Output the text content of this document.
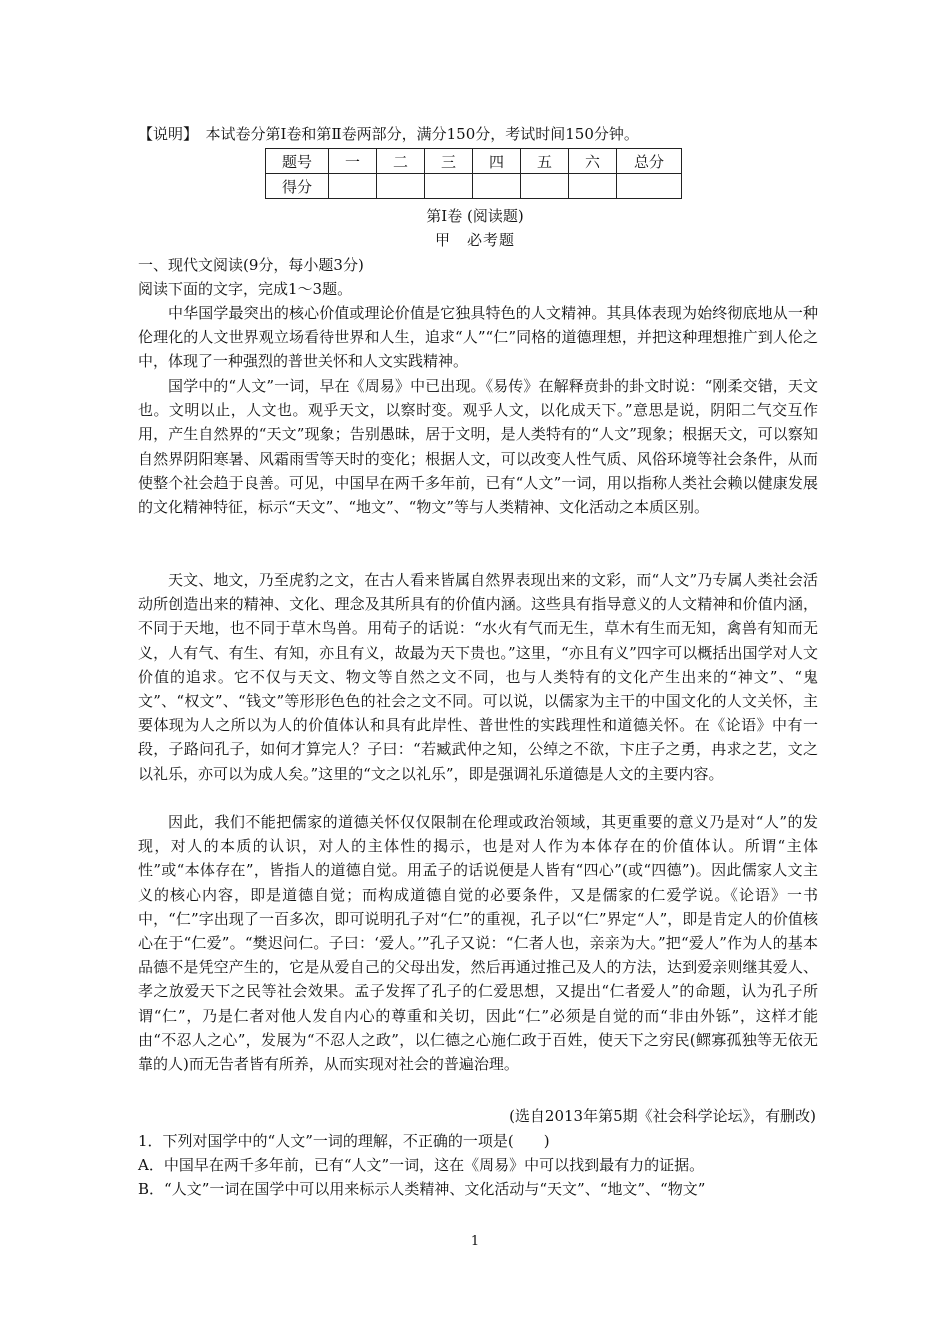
【说明】　本试卷分第Ⅰ卷和第Ⅱ卷两部分，满分150分，考试时间150分钟。
题号	一	二	三	四	五	六	总分
得分							
第Ⅰ卷 (阅读题)
甲　必考题

一、现代文阅读(9分，每小题3分)

阅读下面的文字，完成1～3题。

中华国学最突出的核心价值或理论价值是它独具特色的人文精神。其具体表现为始终彻底地从一种伦理化的人文世界观立场看待世界和人生，追求“人”“仁”同格的道德理想，并把这种理想推广到人伦之中，体现了一种强烈的普世关怀和人文实践精神。

国学中的“人文”一词，早在《周易》中已出现。《易传》在解释贲卦的卦文时说：“刚柔交错，天文也。文明以止，人文也。观乎天文，以察时变。观乎人文，以化成天下。”意思是说，阴阳二气交互作用，产生自然界的“天文”现象；告别愚昧，居于文明，是人类特有的“人文”现象；根据天文，可以察知自然界阴阳寒暑、风霜雨雪等天时的变化；根据人文，可以改变人性气质、风俗环境等社会条件，从而使整个社会趋于良善。可见，中国早在两千多年前，已有“人文”一词，用以指称人类社会赖以健康发展的文化精神特征，标示“天文”、“地文”、“物文”等与人类精神、文化活动之本质区别。

天文、地文，乃至虎豹之文，在古人看来皆属自然界表现出来的文彩，而“人文”乃专属人类社会活动所创造出来的精神、文化、理念及其所具有的价值内涵。这些具有指导意义的人文精神和价值内涵，不同于天地，也不同于草木鸟兽。用荀子的话说：“水火有气而无生，草木有生而无知，禽兽有知而无义，人有气、有生、有知，亦且有义，故最为天下贵也。”这里，“亦且有义”四字可以概括出国学对人文价值的追求。它不仅与天文、物文等自然之文不同，也与人类特有的文化产生出来的“神文”、“鬼文”、“权文”、“钱文”等形形色色的社会之文不同。可以说，以儒家为主干的中国文化的人文关怀，主要体现为人之所以为人的价值体认和具有此岸性、普世性的实践理性和道德关怀。在《论语》中有一段，子路问孔子，如何才算完人？子曰：“若臧武仲之知，公绰之不欲，卞庄子之勇，冉求之艺，文之以礼乐，亦可以为成人矣。”这里的“文之以礼乐”，即是强调礼乐道德是人文的主要内容。

因此，我们不能把儒家的道德关怀仅仅限制在伦理或政治领域，其更重要的意义乃是对“人”的发现，对人的本质的认识，对人的主体性的揭示，也是对人作为本体存在的价值体认。所谓“主体性”或“本体存在”，皆指人的道德自觉。用孟子的话说便是人皆有“四心”(或“四德”)。因此儒家人文主义的核心内容，即是道德自觉；而构成道德自觉的必要条件，又是儒家的仁爱学说。《论语》一书中，“仁”字出现了一百多次，即可说明孔子对“仁”的重视，孔子以“仁”界定“人”，即是肯定人的价值核心在于“仁爱”。“樊迟问仁。子曰：‘爱人。’”孔子又说：“仁者人也，亲亲为大。”把“爱人”作为人的基本品德不是凭空产生的，它是从爱自己的父母出发，然后再通过推己及人的方法，达到爱亲则继其爱人、孝之放爱天下之民等社会效果。孟子发挥了孔子的仁爱思想，又提出“仁者爱人”的命题，认为孔子所谓“仁”，乃是仁者对他人发自内心的尊重和关切，因此“仁”必须是自觉的而“非由外铄”，这样才能由“不忍人之心”，发展为“不忍人之政”，以仁德之心施仁政于百姓，使天下之穷民(鳏寡孤独等无依无靠的人)而无告者皆有所养，从而实现对社会的普遍治理。

(选自2013年第5期《社会科学论坛》，有删改)

1．下列对国学中的“人文”一词的理解，不正确的一项是(　　)

A．中国早在两千多年前，已有“人文”一词，这在《周易》中可以找到最有力的证据。

B．“人文”一词在国学中可以用来标示人类精神、文化活动与“天文”、“地文”、“物文”

1
